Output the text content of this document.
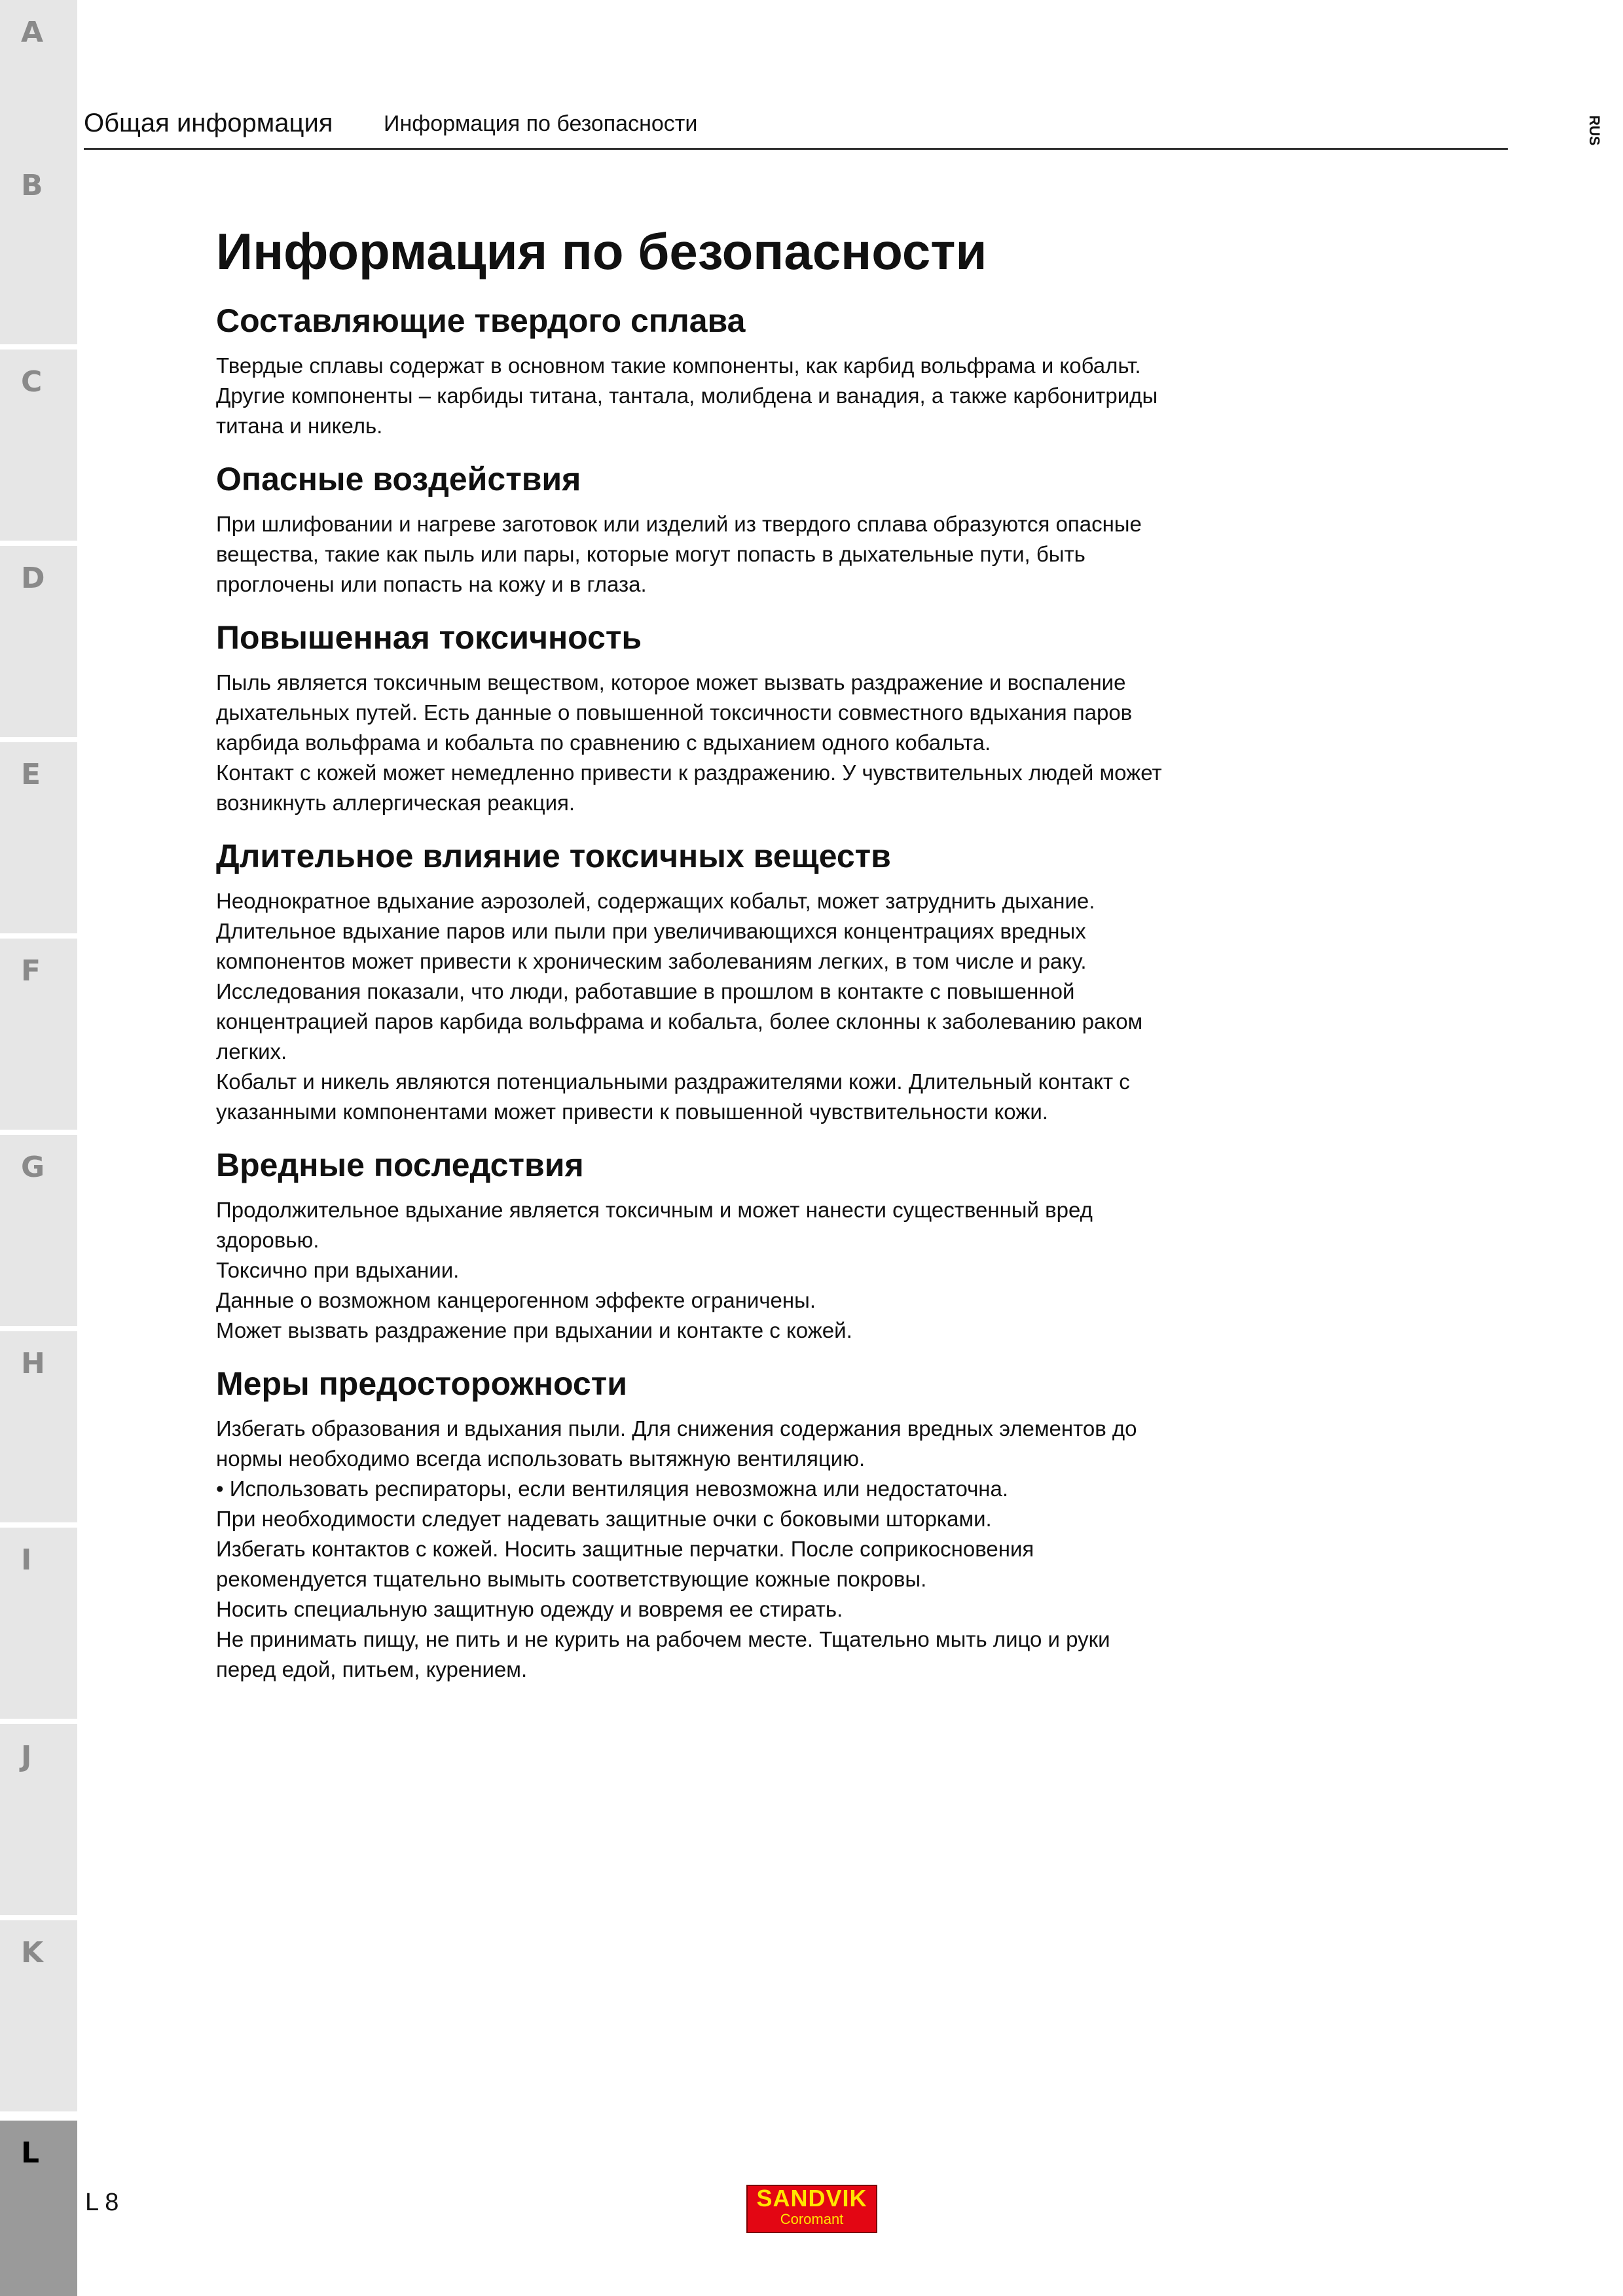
A
B
C
D
E
F
G
H
I
J
K
L
Общая информация Информация по безопасности	RUS
Информация по безопасности
Составляющие твердого сплава

Твердые сплавы содержат в основном такие компоненты, как карбид вольфрама и кобальт.

Другие компоненты – карбиды титана, тантала, молибдена и ванадия, а также карбонитриды

титана и никель.

Опасные воздействия

При шлифовании и нагреве заготовок или изделий из твердого сплава образуются опасные

вещества, такие как пыль или пары, которые могут попасть в дыхательные пути, быть

проглочены или попасть на кожу и в глаза.

Повышенная токсичность

Пыль является токсичным веществом, которое может вызвать раздражение и воспаление

дыхательных путей. Есть данные о повышенной токсичности совместного вдыхания паров

карбида вольфрама и кобальта по сравнению с вдыханием одного кобальта.

Контакт с кожей может немедленно привести к раздражению. У чувствительных людей может

возникнуть аллергическая реакция.

Длительное влияние токсичных веществ

Неоднократное вдыхание аэрозолей, содержащих кобальт, может затруднить дыхание.

Длительное вдыхание паров или пыли при увеличивающихся концентрациях вредных

компонентов может привести к хроническим заболеваниям легких, в том числе и раку.

Исследования показали, что люди, работавшие в прошлом в контакте с повышенной

концентрацией паров карбида вольфрама и кобальта, более склонны к заболеванию раком

легких.

Кобальт и никель являются потенциальными раздражителями кожи. Длительный контакт с

указанными компонентами может привести к повышенной чувствительности кожи.

Вредные последствия

Продолжительное вдыхание является токсичным и может нанести существенный вред

здоровью.

Токсично при вдыхании.

Данные о возможном канцерогенном эффекте ограничены.

Может вызвать раздражение при вдыхании и контакте с кожей.

Меры предосторожности

Избегать образования и вдыхания пыли. Для снижения содержания вредных элементов до

нормы необходимо всегда использовать вытяжную вентиляцию.

• Использовать респираторы, если вентиляция невозможна или недостаточна.

При необходимости следует надевать защитные очки с боковыми шторками.

Избегать контактов с кожей. Носить защитные перчатки. После соприкосновения

рекомендуется тщательно вымыть соответствующие кожные покровы.

Носить специальную защитную одежду и вовремя ее стирать.

Не принимать пищу, не пить и не курить на рабочем месте. Тщательно мыть лицо и руки

перед едой, питьем, курением.

L 8	SANDVIK
Coromant
